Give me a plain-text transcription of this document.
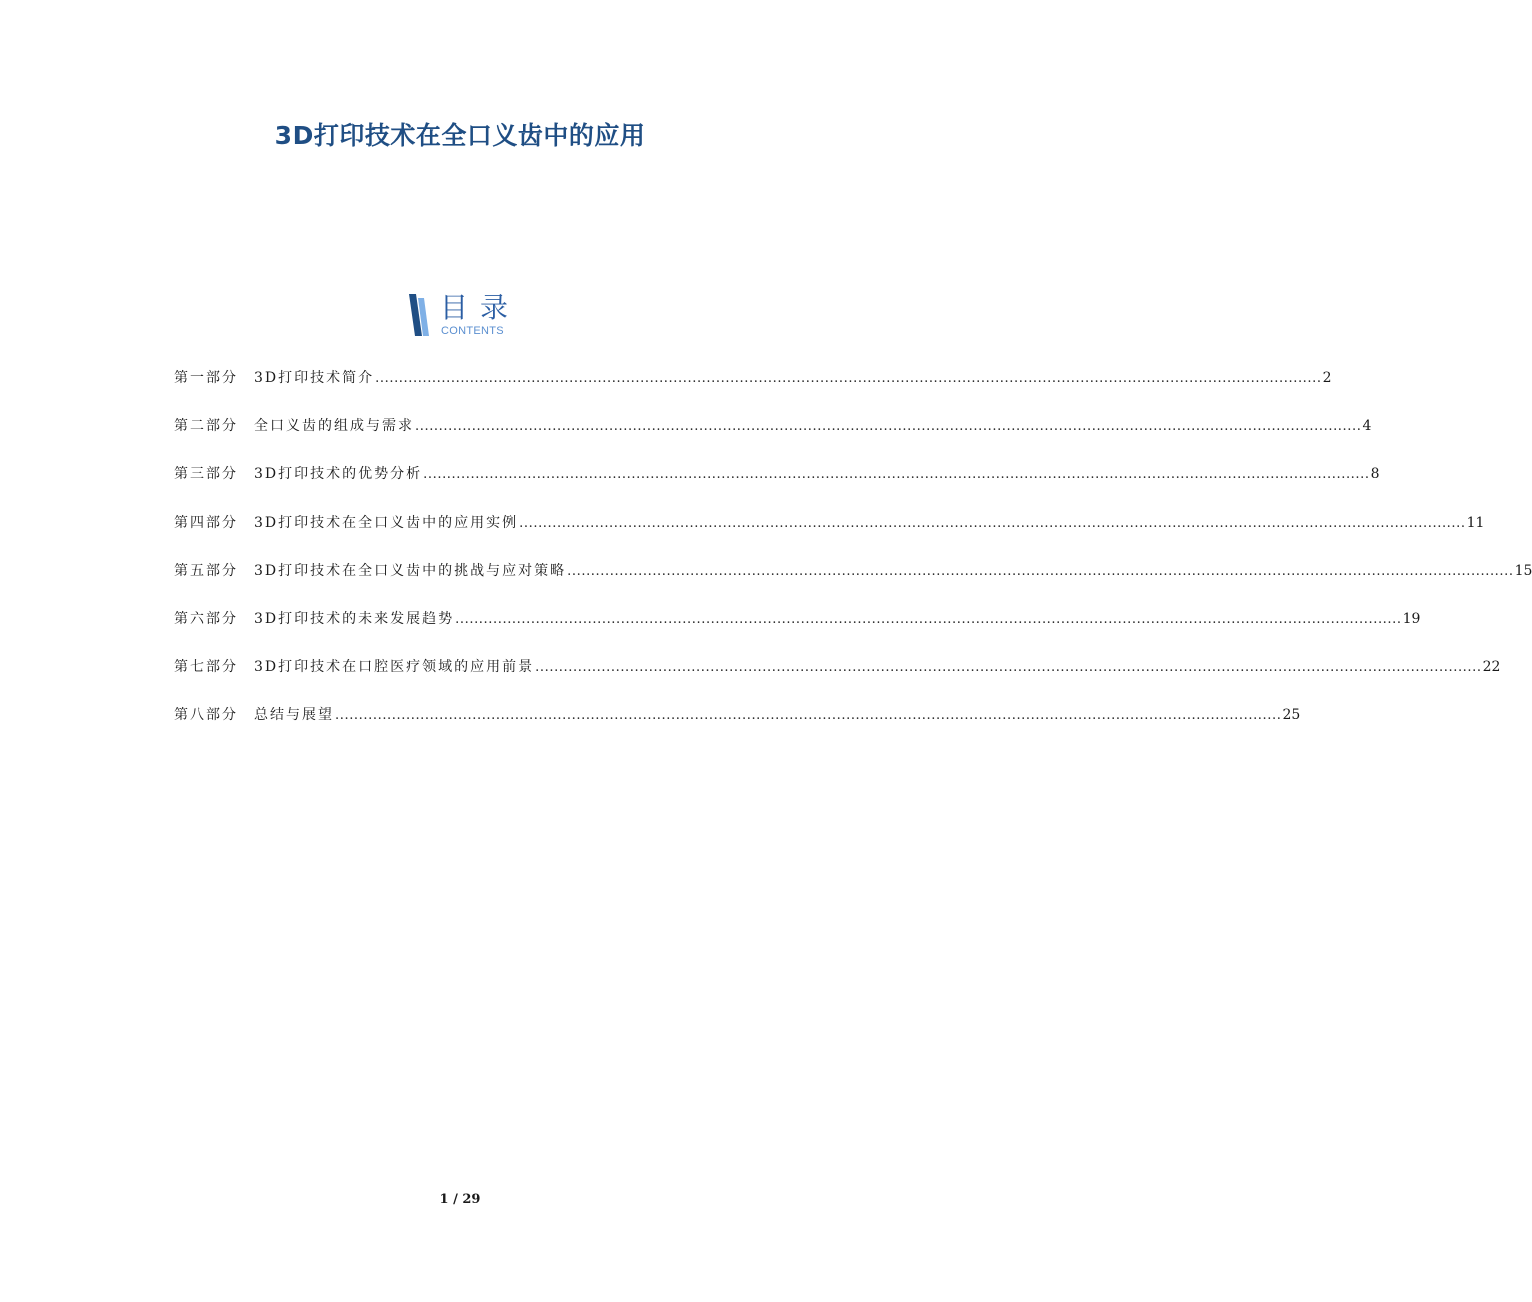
3D打印技术在全口义齿中的应用
目录
CONTENTS
第一部分	3D打印技术简介 ........................................................................................................................................................................................................ 2
第二部分	全口义齿的组成与需求 ........................................................................................................................................................................................................ 4
第三部分	3D打印技术的优势分析 ........................................................................................................................................................................................................ 8
第四部分	3D打印技术在全口义齿中的应用实例 ........................................................................................................................................................................................................ 11
第五部分	3D打印技术在全口义齿中的挑战与应对策略 ........................................................................................................................................................................................................ 15
第六部分	3D打印技术的未来发展趋势 ........................................................................................................................................................................................................ 19
第七部分	3D打印技术在口腔医疗领域的应用前景 ........................................................................................................................................................................................................ 22
第八部分	总结与展望 ........................................................................................................................................................................................................ 25
1 / 29
